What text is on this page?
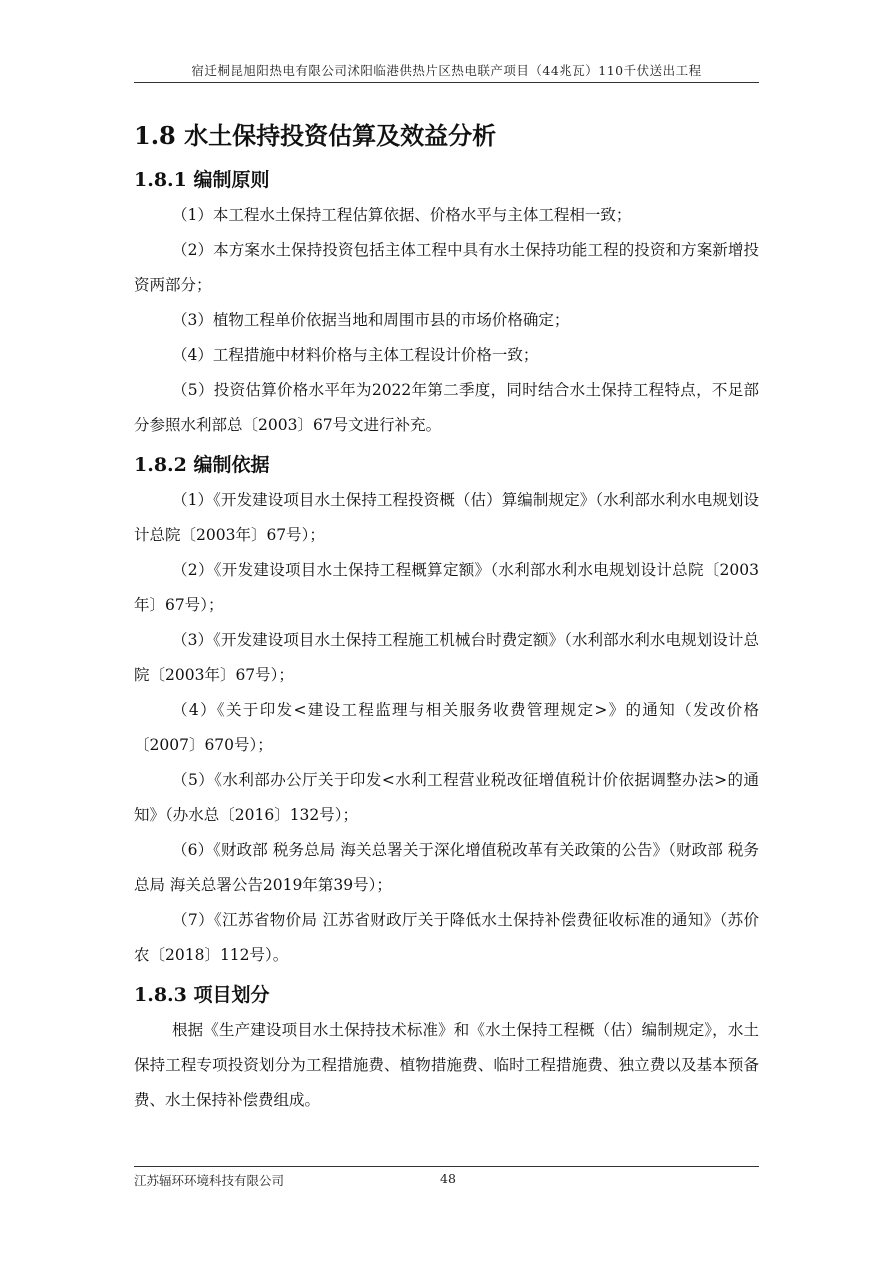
宿迁桐昆旭阳热电有限公司沭阳临港供热片区热电联产项目（44兆瓦）110千伏送出工程
1.8 水土保持投资估算及效益分析
1.8.1 编制原则

（1）本工程水土保持工程估算依据、价格水平与主体工程相一致；

（2）本方案水土保持投资包括主体工程中具有水土保持功能工程的投资和方案新增投资两部分；

（3）植物工程单价依据当地和周围市县的市场价格确定；

（4）工程措施中材料价格与主体工程设计价格一致；

（5）投资估算价格水平年为2022年第二季度，同时结合水土保持工程特点，不足部分参照水利部总〔2003〕67号文进行补充。

1.8.2 编制依据

（1）《开发建设项目水土保持工程投资概（估）算编制规定》（水利部水利水电规划设计总院〔2003年〕67号）；

（2）《开发建设项目水土保持工程概算定额》（水利部水利水电规划设计总院〔2003年〕67号）；

（3）《开发建设项目水土保持工程施工机械台时费定额》（水利部水利水电规划设计总院〔2003年〕67号）；

（4）《关于印发<建设工程监理与相关服务收费管理规定>》的通知（发改价格〔2007〕670号）；

（5）《水利部办公厅关于印发<水利工程营业税改征增值税计价依据调整办法>的通知》（办水总〔2016〕132号）；

（6）《财政部 税务总局 海关总署关于深化增值税改革有关政策的公告》（财政部 税务总局 海关总署公告2019年第39号）；

（7）《江苏省物价局 江苏省财政厅关于降低水土保持补偿费征收标准的通知》（苏价农〔2018〕112号）。

1.8.3 项目划分

根据《生产建设项目水土保持技术标准》和《水土保持工程概（估）编制规定》，水土保持工程专项投资划分为工程措施费、植物措施费、临时工程措施费、独立费以及基本预备费、水土保持补偿费组成。

江苏辐环环境科技有限公司	48
